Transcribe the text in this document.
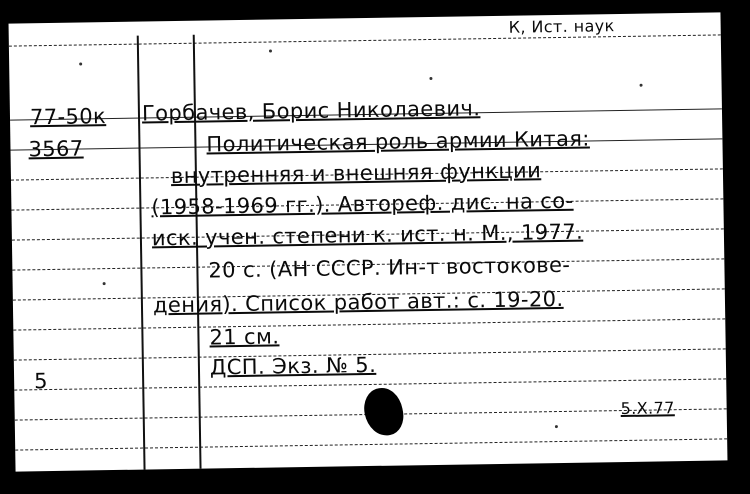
К, Ист. наук
77-50к
3567
Горбачев, Борис Николаевич.
Политическая роль армии Китая:
внутренняя и внешняя функции
(1958-1969 гг.). Автореф. дис. на со-
иск. учен. степени к. ист. н. М., 1977.
20 с. (АН СССР. Ин-т востокове-
дения). Список работ авт.: с. 19-20.
21 см.
ДСП. Экз. № 5.
5
5.X.77
